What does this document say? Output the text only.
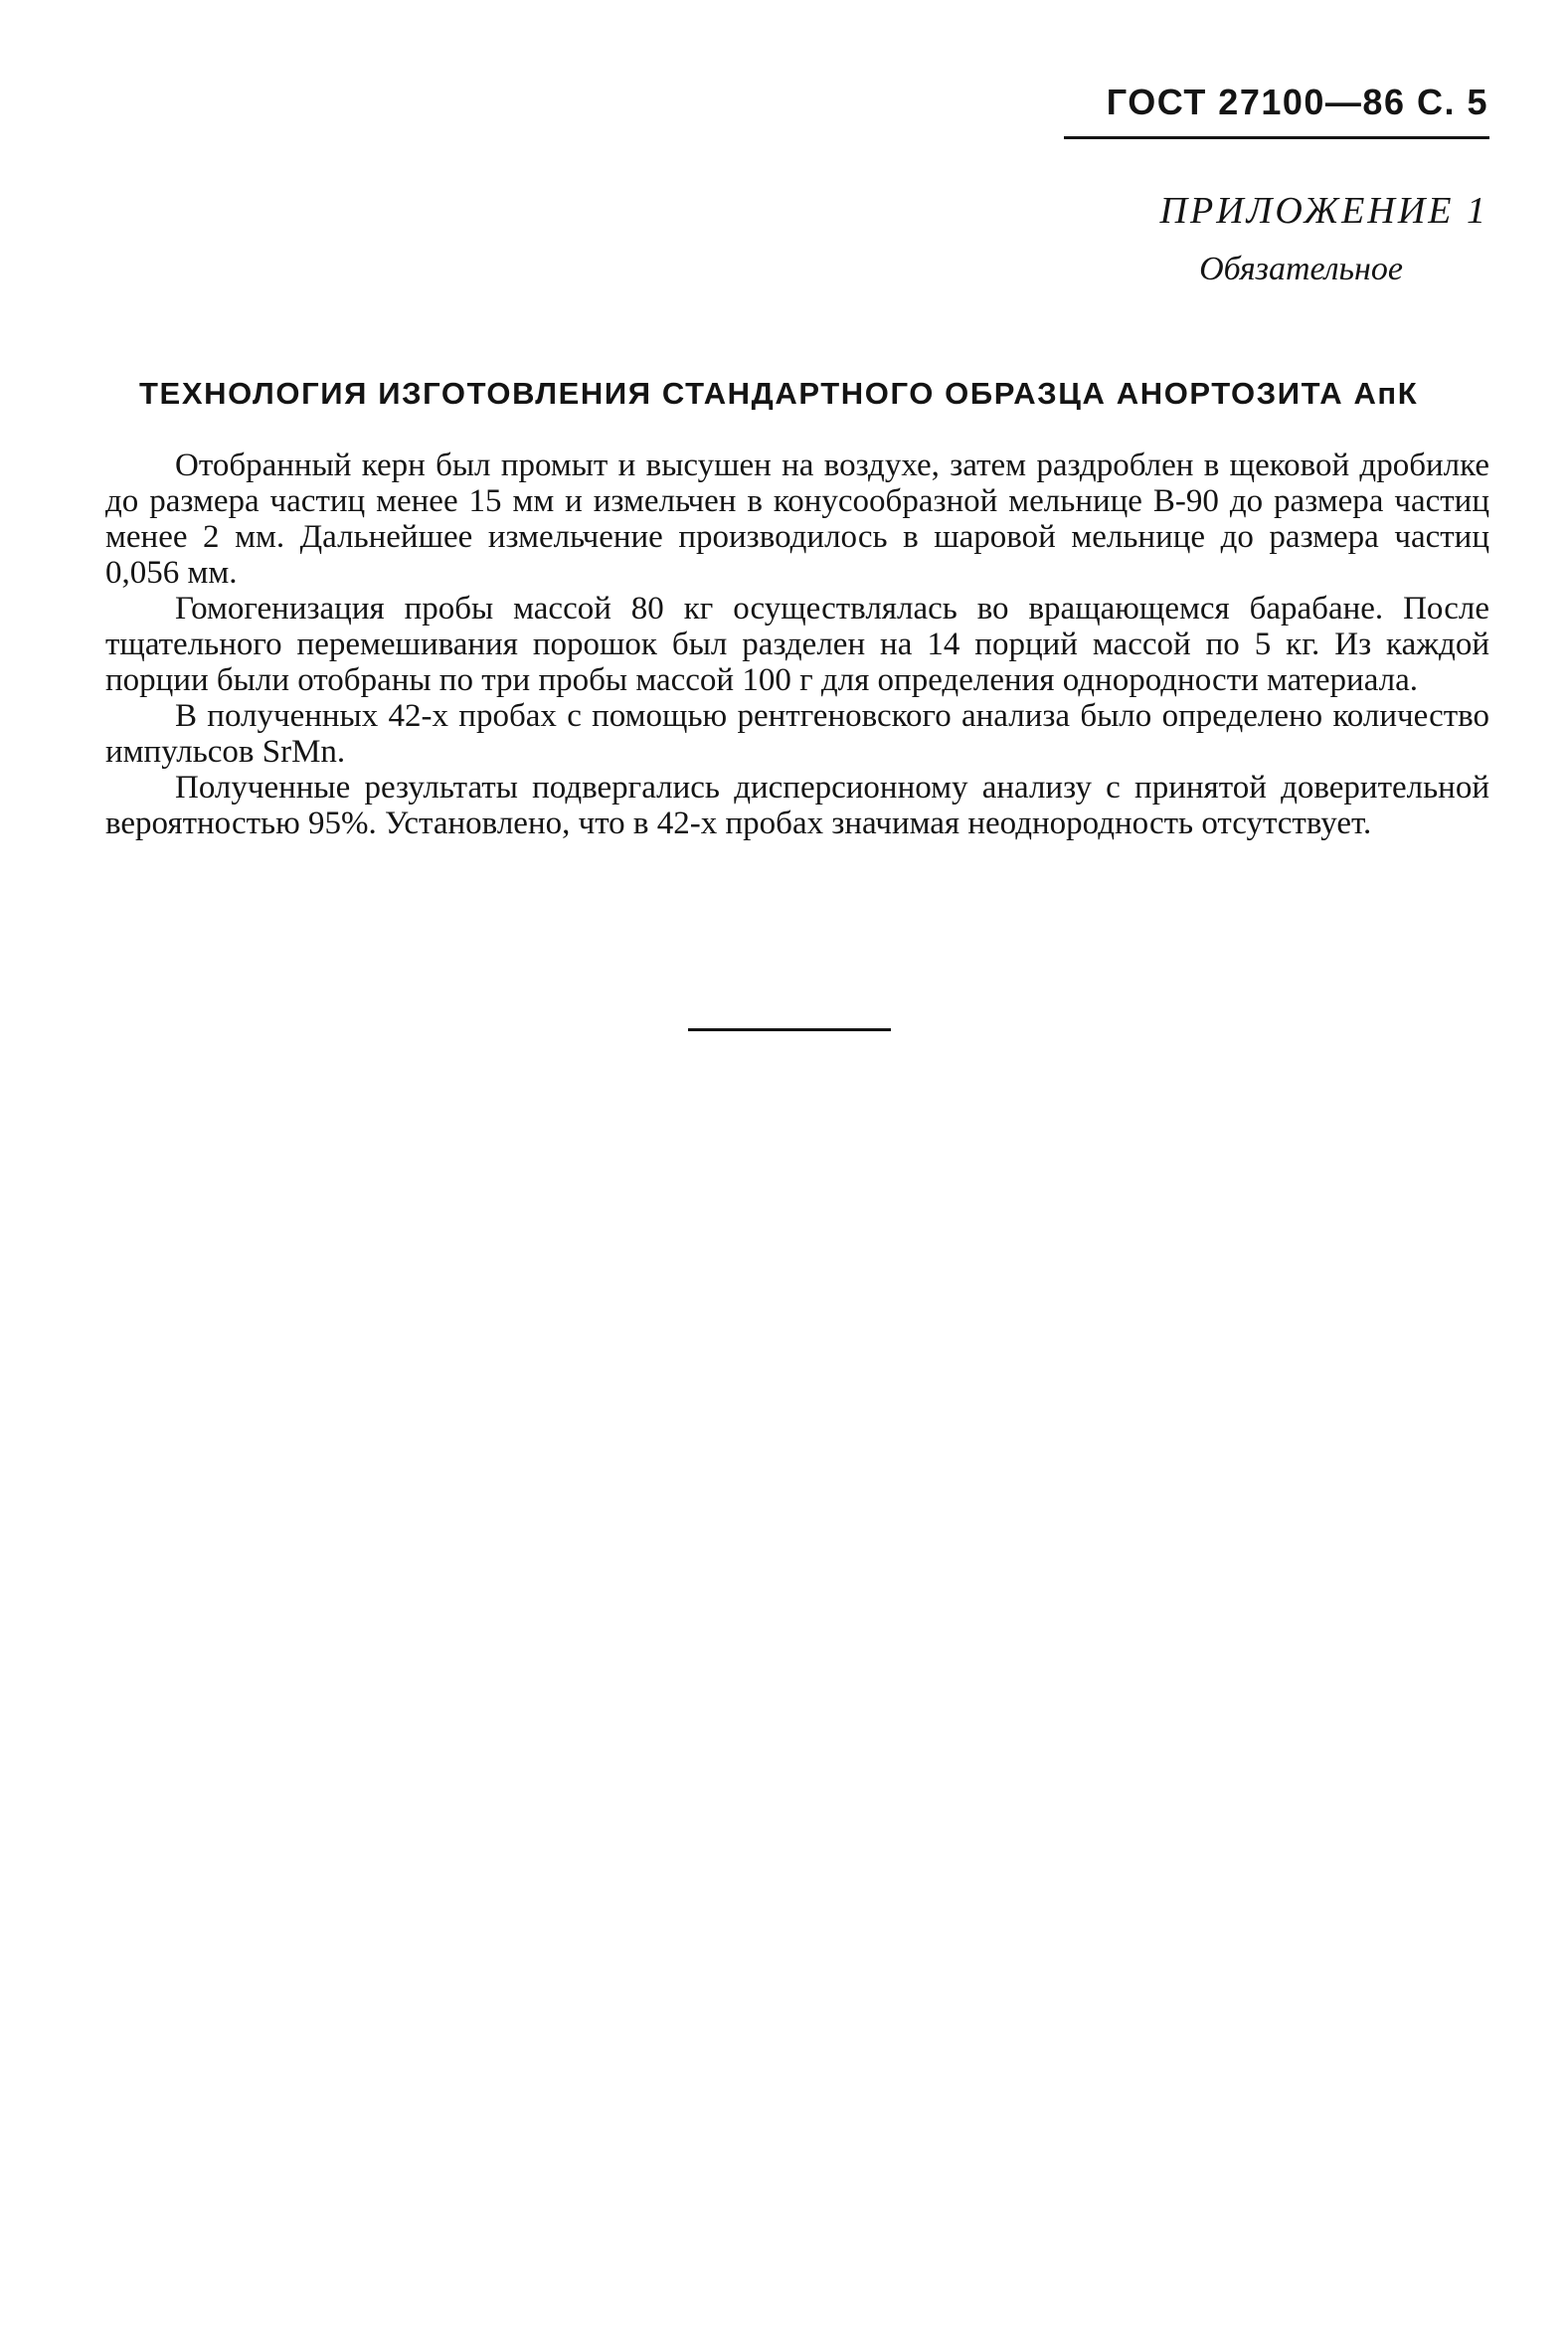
ГОСТ 27100—86 С. 5
ПРИЛОЖЕНИЕ 1
Обязательное
ТЕХНОЛОГИЯ ИЗГОТОВЛЕНИЯ СТАНДАРТНОГО ОБРАЗЦА АНОРТОЗИТА АпК

Отобранный керн был промыт и высушен на воздухе, затем раздроблен в щековой дробилке до размера частиц менее 15 мм и измельчен в конусообразной мельнице В-90 до размера частиц менее 2 мм. Дальнейшее измельчение производилось в шаровой мельнице до размера частиц 0,056 мм.

Гомогенизация пробы массой 80 кг осуществлялась во вращающемся барабане. После тщательного перемешивания порошок был разделен на 14 порций массой по 5 кг. Из каждой порции были отобраны по три пробы массой 100 г для определения однородности материала.

В полученных 42-х пробах с помощью рентгеновского анализа было определено количество импульсов SrMn.

Полученные результаты подвергались дисперсионному анализу с принятой доверительной вероятностью 95%. Установлено, что в 42-х пробах значимая неоднородность отсутствует.
